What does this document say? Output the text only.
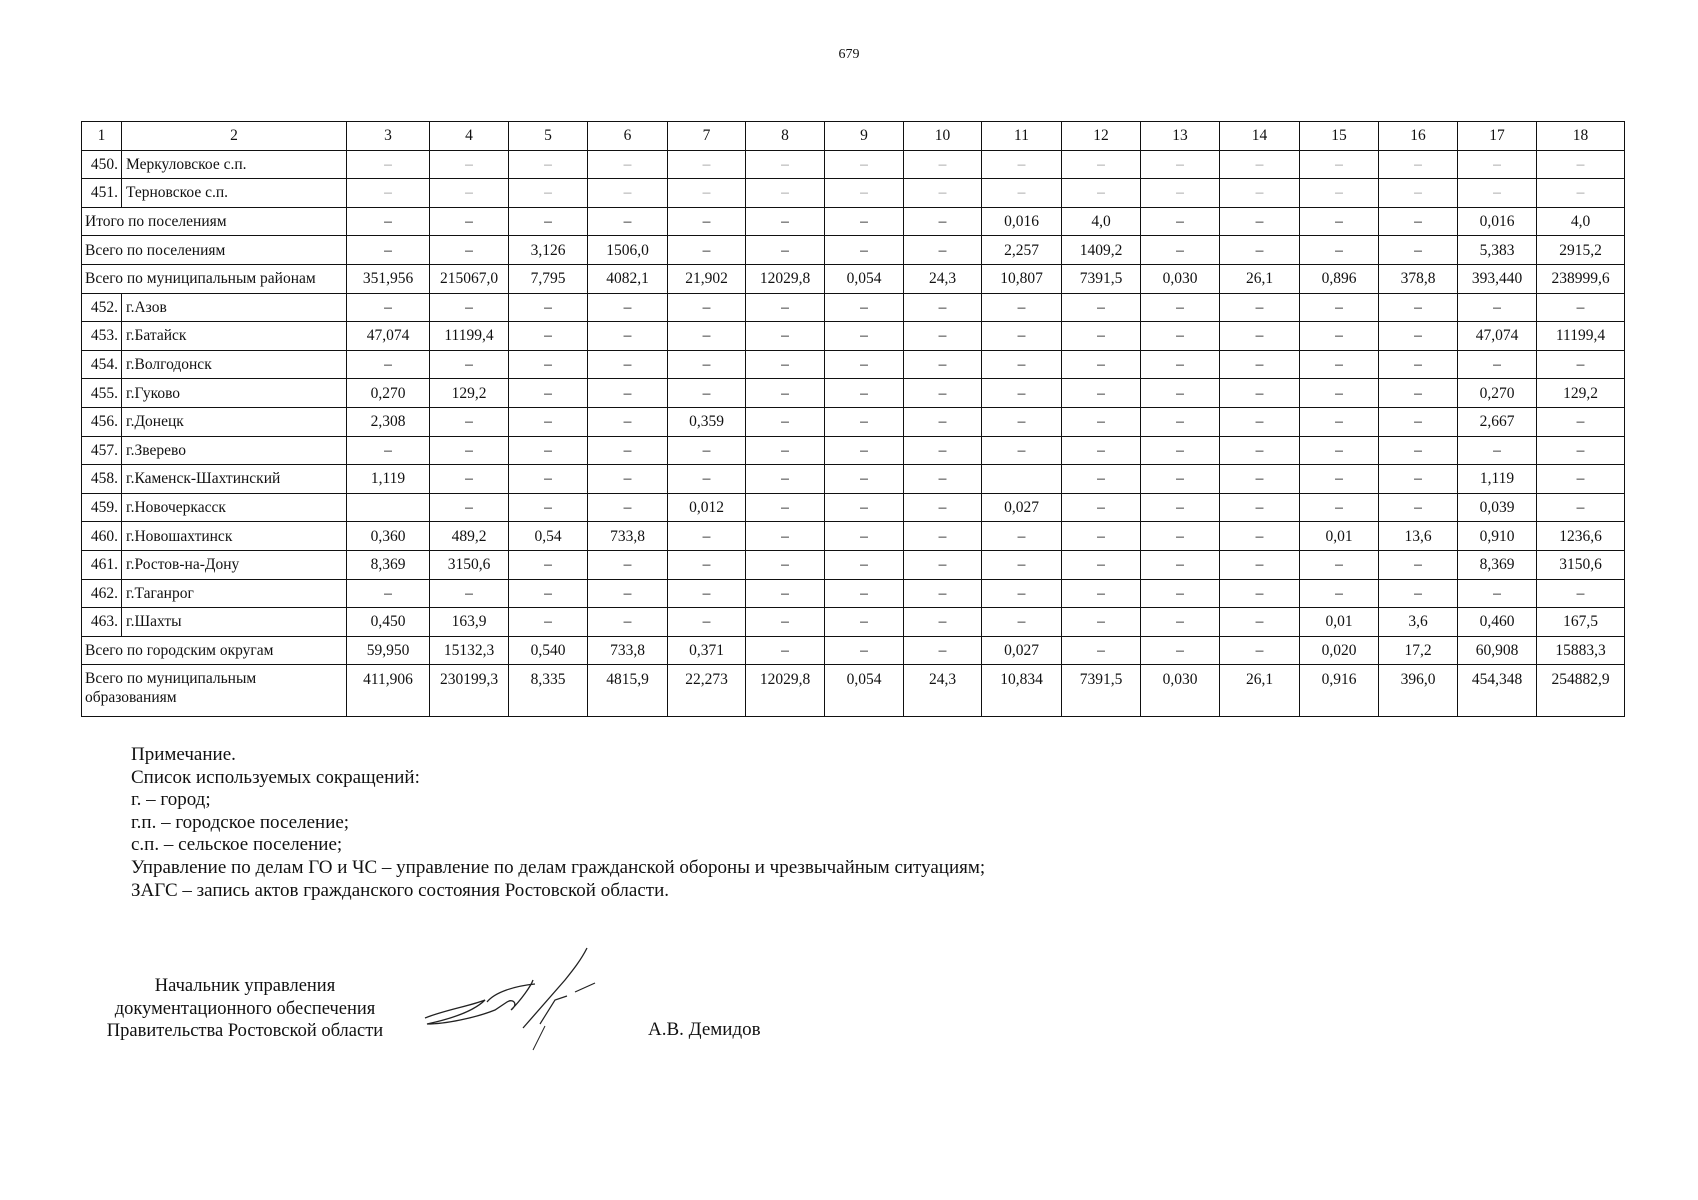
679
1	2	3	4	5	6	7	8	9	10	11	12	13	14	15	16	17	18
450.	Меркуловское с.п.	–	–	–	–	–	–	–	–	–	–	–	–	–	–	–	–
451.	Терновское с.п.	–	–	–	–	–	–	–	–	–	–	–	–	–	–	–	–
Итого по поселениям		–	–	–	–	–	–	–	–	0,016	4,0	–	–	–	–	0,016	4,0
Всего по поселениям		–	–	3,126	1506,0	–	–	–	–	2,257	1409,2	–	–	–	–	5,383	2915,2
Всего по муниципальным районам		351,956	215067,0	7,795	4082,1	21,902	12029,8	0,054	24,3	10,807	7391,5	0,030	26,1	0,896	378,8	393,440	238999,6
452.	г.Азов	–	–	–	–	–	–	–	–	–	–	–	–	–	–	–	–
453.	г.Батайск	47,074	11199,4	–	–	–	–	–	–	–	–	–	–	–	–	47,074	11199,4
454.	г.Волгодонск	–	–	–	–	–	–	–	–	–	–	–	–	–	–	–	–
455.	г.Гуково	0,270	129,2	–	–	–	–	–	–	–	–	–	–	–	–	0,270	129,2
456.	г.Донецк	2,308	–	–	–	0,359	–	–	–	–	–	–	–	–	–	2,667	–
457.	г.Зверево	–	–	–	–	–	–	–	–	–	–	–	–	–	–	–	–
458.	г.Каменск-Шахтинский	1,119	–	–	–	–	–	–	–		–	–	–	–	–	1,119	–
459.	г.Новочеркасск		–	–	–	0,012	–	–	–	0,027	–	–	–	–	–	0,039	–
460.	г.Новошахтинск	0,360	489,2	0,54	733,8	–	–	–	–	–	–	–	–	0,01	13,6	0,910	1236,6
461.	г.Ростов-на-Дону	8,369	3150,6	–	–	–	–	–	–	–	–	–	–	–	–	8,369	3150,6
462.	г.Таганрог	–	–	–	–	–	–	–	–	–	–	–	–	–	–	–	–
463.	г.Шахты	0,450	163,9	–	–	–	–	–	–	–	–	–	–	0,01	3,6	0,460	167,5
Всего по городским округам		59,950	15132,3	0,540	733,8	0,371	–	–	–	0,027	–	–	–	0,020	17,2	60,908	15883,3
Всего по муниципальным образованиям		411,906	230199,3	8,335	4815,9	22,273	12029,8	0,054	24,3	10,834	7391,5	0,030	26,1	0,916	396,0	454,348	254882,9
Примечание.
Список используемых сокращений:
г. – город;
г.п. – городское поселение;
с.п. – сельское поселение;
Управление по делам ГО и ЧС – управление по делам гражданской обороны и чрезвычайным ситуациям;
ЗАГС – запись актов гражданского состояния Ростовской области.
Начальник управления
документационного обеспечения
Правительства Ростовской области	А.В. Демидов
